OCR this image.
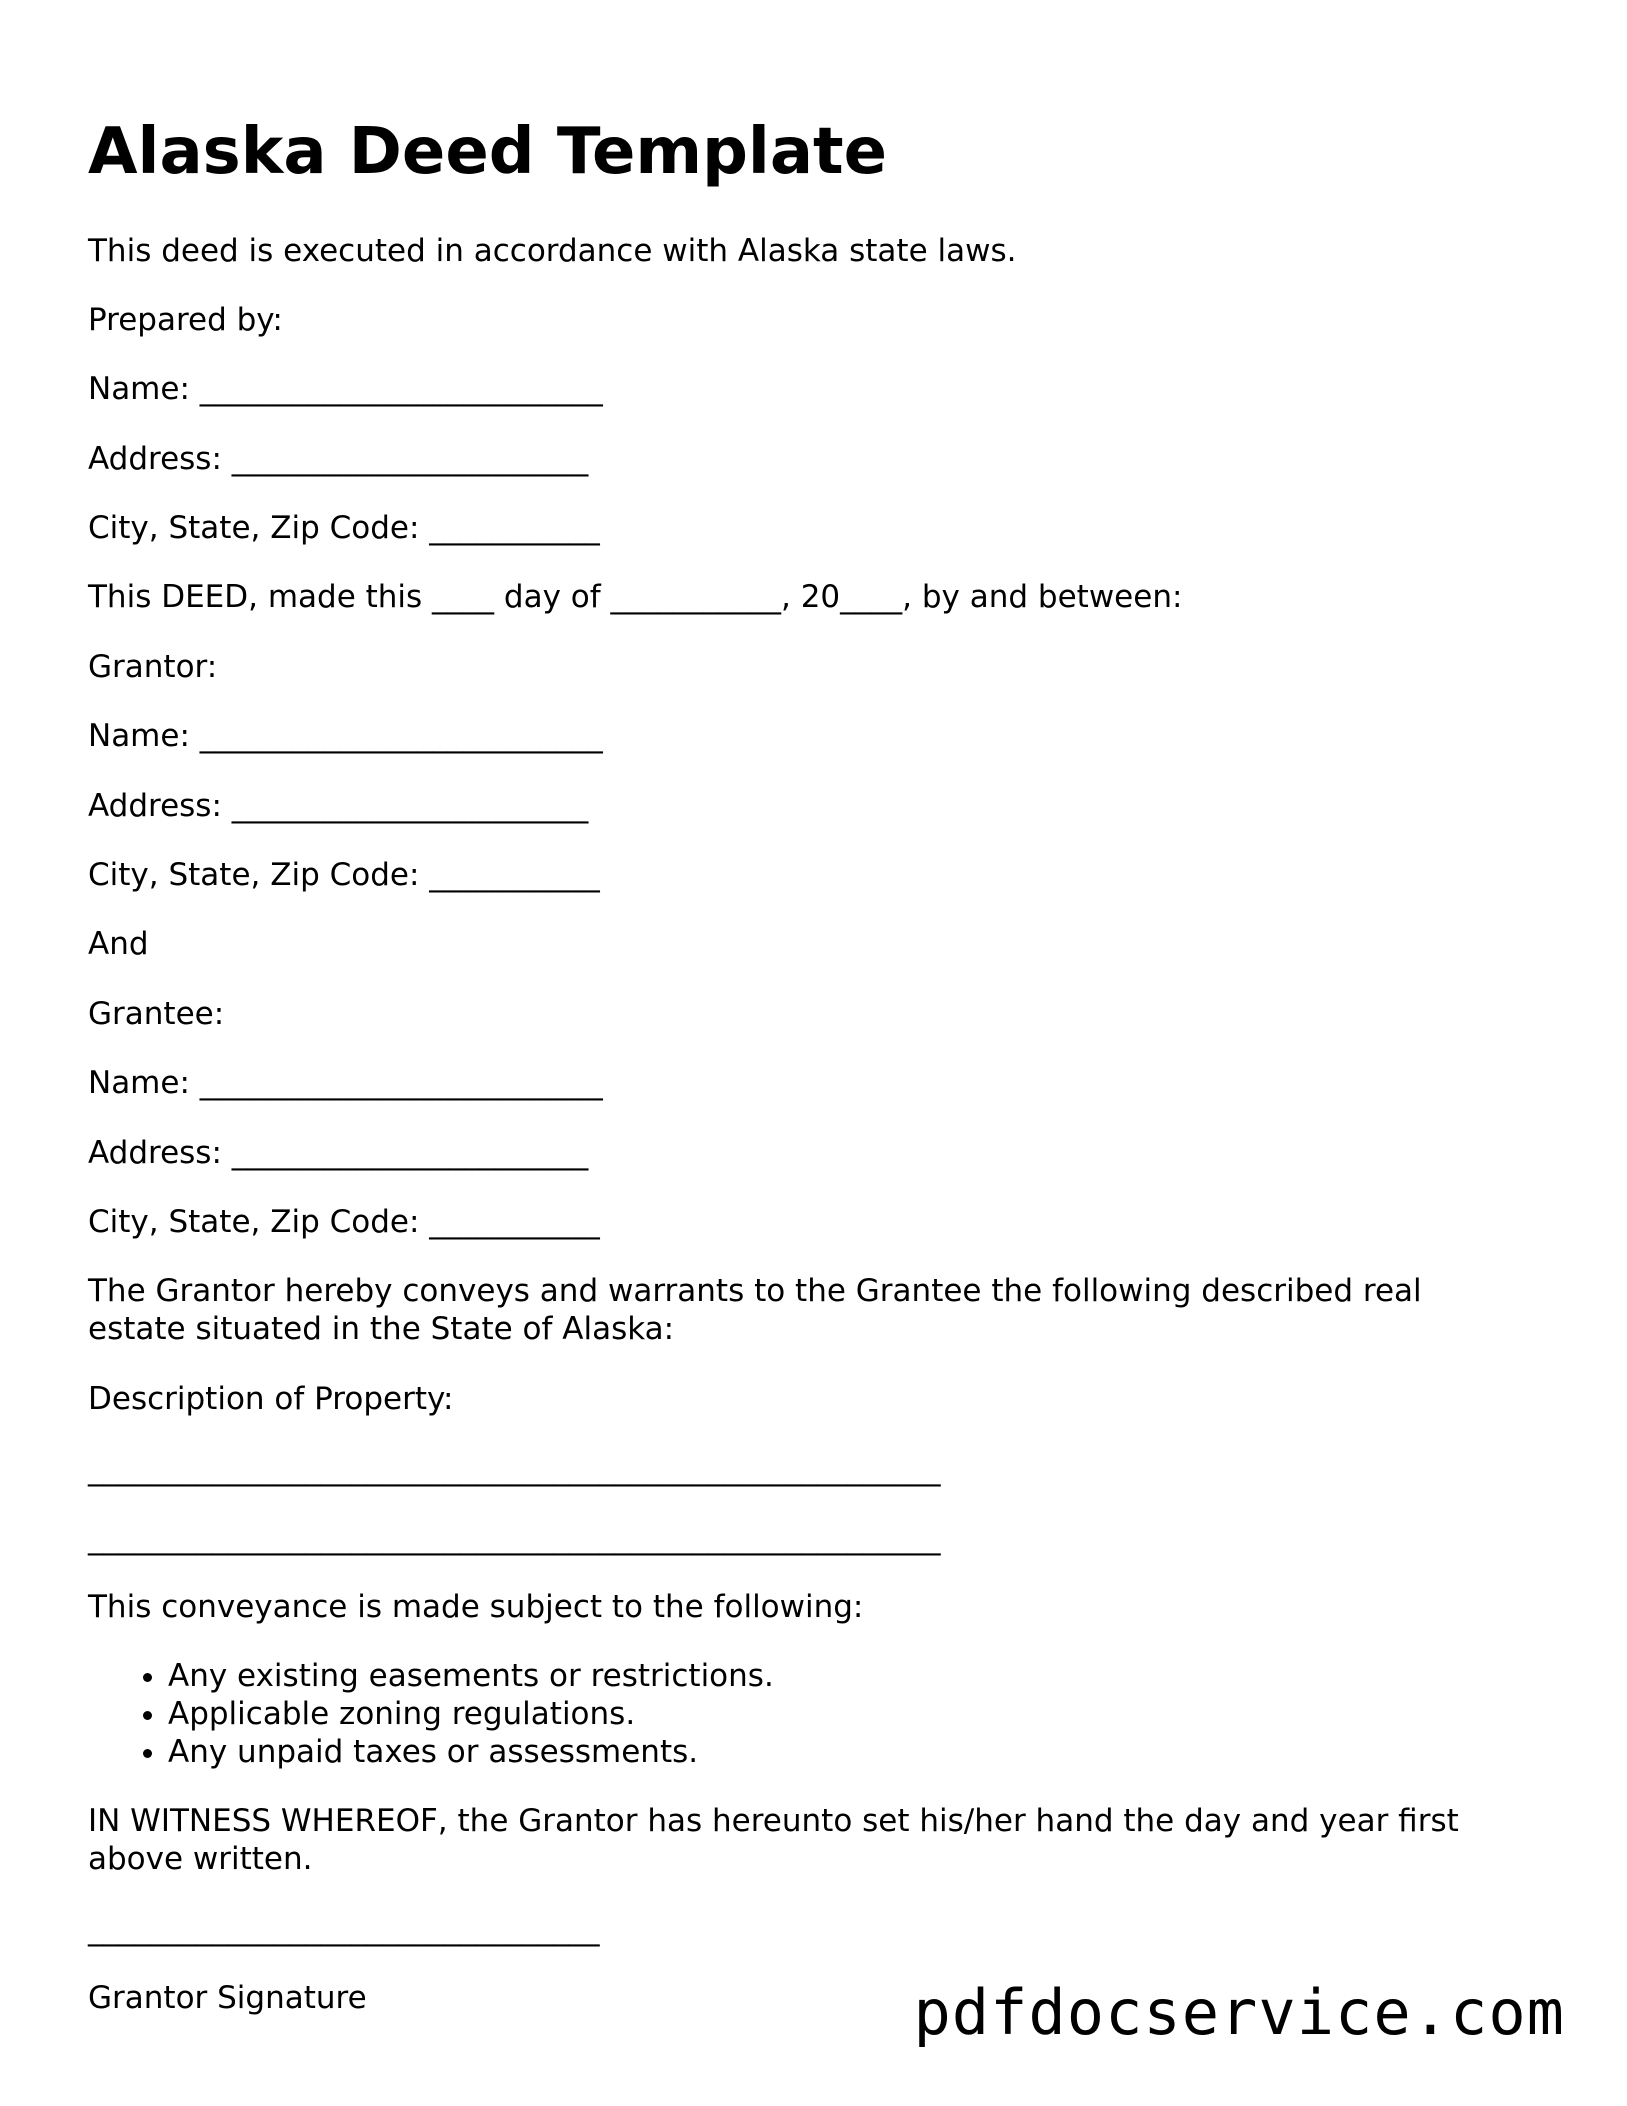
Alaska Deed Template

This deed is executed in accordance with Alaska state laws.

Prepared by:

Name: __________________________

Address: _______________________

City, State, Zip Code: ___________

This DEED, made this ____ day of ___________, 20____, by and between:

Grantor:

Name: __________________________

Address: _______________________

City, State, Zip Code: ___________

And

Grantee:

Name: __________________________

Address: _______________________

City, State, Zip Code: ___________

The Grantor hereby conveys and warrants to the Grantee the following described real estate situated in the State of Alaska:

Description of Property:

_______________________________________________________

_______________________________________________________

This conveyance is made subject to the following:

• Any existing easements or restrictions.
• Applicable zoning regulations.
• Any unpaid taxes or assessments.

IN WITNESS WHEREOF, the Grantor has hereunto set his/her hand the day and year first above written.

_________________________________

Grantor Signature	pdfdocservice.com
